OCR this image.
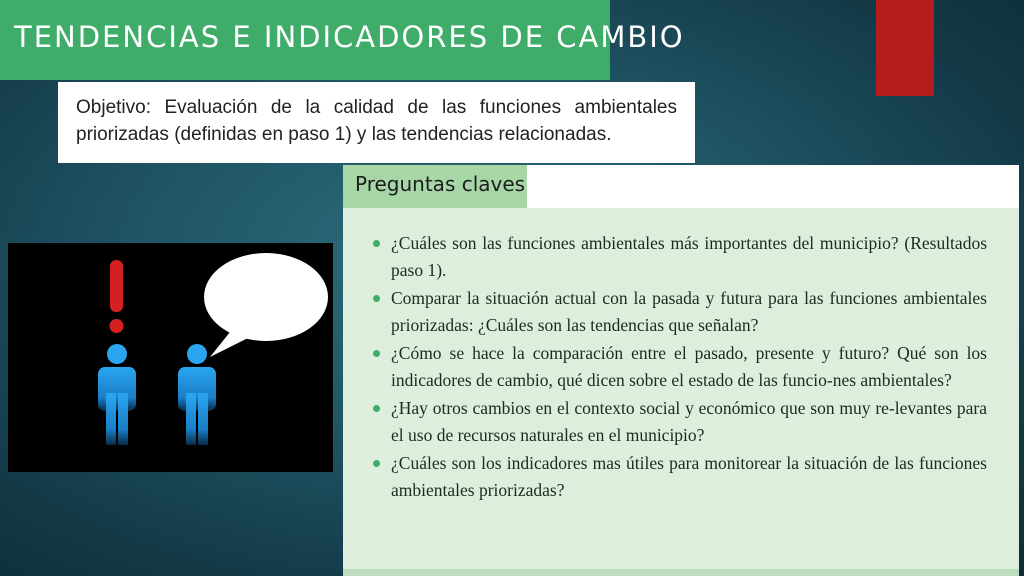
TENDENCIAS E INDICADORES DE CAMBIO
Objetivo: Evaluación de la calidad de las funciones ambientales priorizadas (definidas en paso 1) y las tendencias relacionadas.
Preguntas claves
¿Cuáles son las funciones ambientales más importantes del municipio? (Resultados paso 1).
Comparar la situación actual con la pasada y futura para las funciones ambientales priorizadas: ¿Cuáles son las tendencias que señalan?
¿Cómo se hace la comparación entre el pasado, presente y futuro? Qué son los indicadores de cambio, qué dicen sobre el estado de las funcio-nes ambientales?
¿Hay otros cambios en el contexto social y económico que son muy re-levantes para el uso de recursos naturales en el municipio?
¿Cuáles son los indicadores mas útiles para monitorear la situación de las funciones ambientales priorizadas?
